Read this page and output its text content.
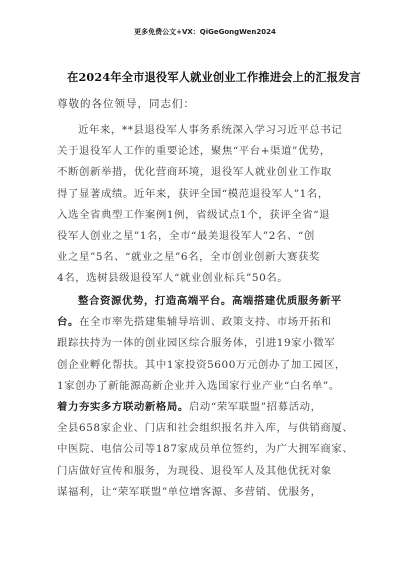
更多免费公文+VX：QiGeGongWen2024
在2024年全市退役军人就业创业工作推进会上的汇报发言
尊敬的各位领导，同志们：
近年来，**县退役军人事务系统深入学习习近平总书记
关于退役军人工作的重要论述，聚焦“平台+渠道”优势，
不断创新举措，优化营商环境，退役军人就业创业工作取
得了显著成绩。近年来，获评全国“模范退役军人”1名，
入选全省典型工作案例1例，省级试点1个，获评全省“退
役军人创业之星”1名，全市“最美退役军人”2名、“创
业之星”5名、“就业之星”6名，全市创业创新大赛获奖
4名，选树县级退役军人“就业创业标兵”50名。
整合资源优势，打造高端平台。高端搭建优质服务新平
台。在全市率先搭建集辅导培训、政策支持、市场开拓和
跟踪扶持为一体的创业园区综合服务体，引进19家小微军
创企业孵化帮扶。其中1家投资5600万元创办了加工园区，
1家创办了新能源高新企业并入选国家行业产业“白名单”。
着力夯实多方联动新格局。启动“荣军联盟”招募活动，
全县658家企业、门店和社会组织报名并入库，与供销商厦、
中医院、电信公司等187家成员单位签约，为广大拥军商家、
门店做好宣传和服务，为现役、退役军人及其他优抚对象
谋福利，让“荣军联盟”单位增客源、多营销、优服务，
